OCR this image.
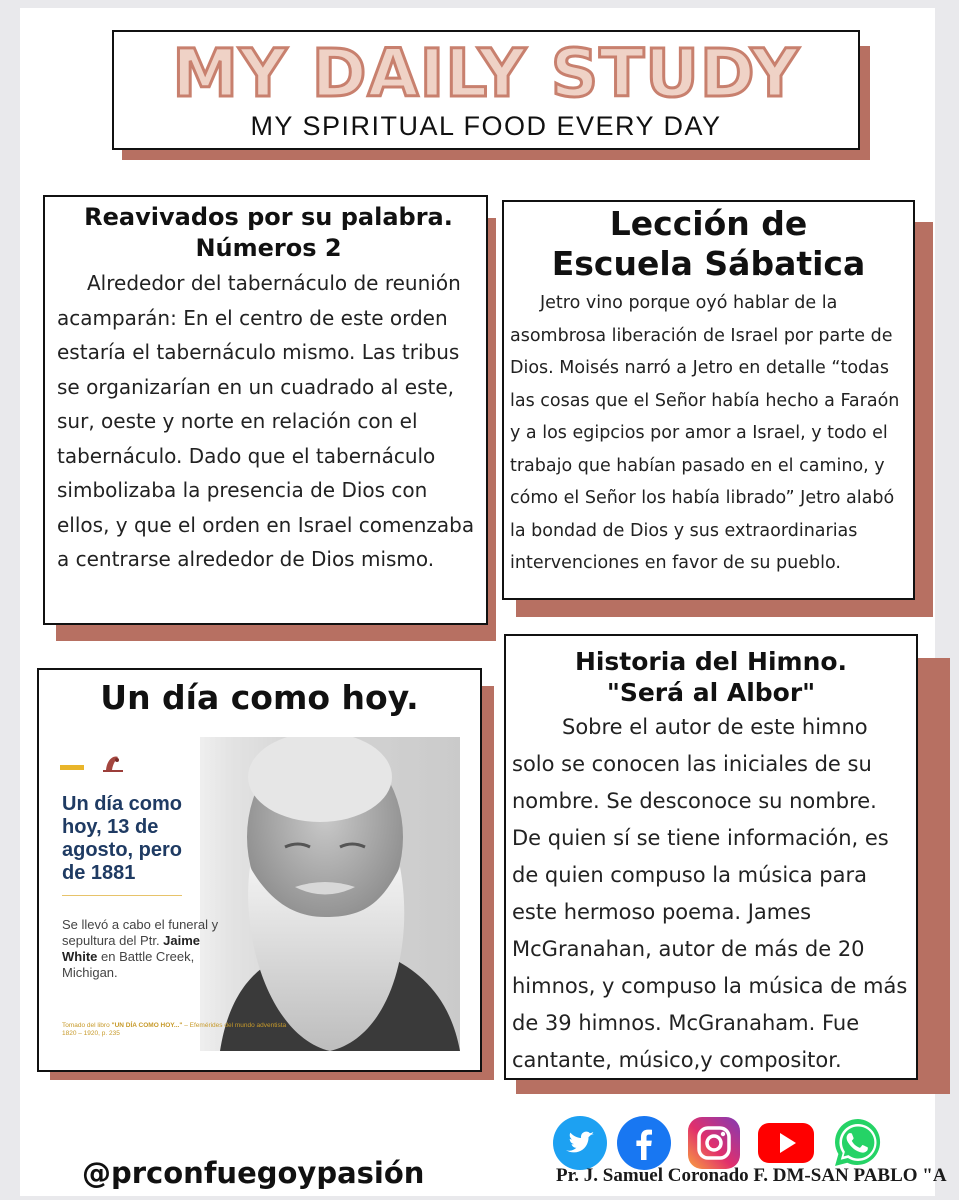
MY DAILY STUDY
MY SPIRITUAL FOOD EVERY DAY
Reavivados por su palabra.
Números 2
Alrededor del tabernáculo de reunión acamparán: En el centro de este orden estaría el tabernáculo mismo. Las tribus se organizarían en un cuadrado al este, sur, oeste y norte en relación con el tabernáculo. Dado que el tabernáculo simbolizaba la presencia de Dios con ellos, y que el orden en Israel comenzaba a centrarse alrededor de Dios mismo.
Lección de
Escuela Sábatica
Jetro vino porque oyó hablar de la asombrosa liberación de Israel por parte de Dios. Moisés narró a Jetro en detalle “todas las cosas que el Señor había hecho a Faraón y a los egipcios por amor a Israel, y todo el trabajo que habían pasado en el camino, y cómo el Señor los había librado” Jetro alabó la bondad de Dios y sus extraordinarias intervenciones en favor de su pueblo.
Un día como hoy.
Un día como hoy, 13 de agosto, pero de 1881
Se llevó a cabo el funeral y sepultura del Ptr. Jaime White en Battle Creek, Michigan.
Tomado del libro "UN DÍA COMO HOY..." – Efemérides del mundo adventista 1820 – 1920, p. 235
Historia del Himno.
"Será al Albor"
Sobre el autor de este himno solo se conocen las iniciales de su nombre. Se desconoce su nombre. De quien sí se tiene información, es de quien compuso la música para este hermoso poema. James McGranahan, autor de más de 20 himnos, y compuso la música de más de 39 himnos. McGranaham. Fue cantante, músico,y compositor.
@prconfuegoypasión	Pr. J. Samuel Coronado F. DM-SAN PABLO "A
